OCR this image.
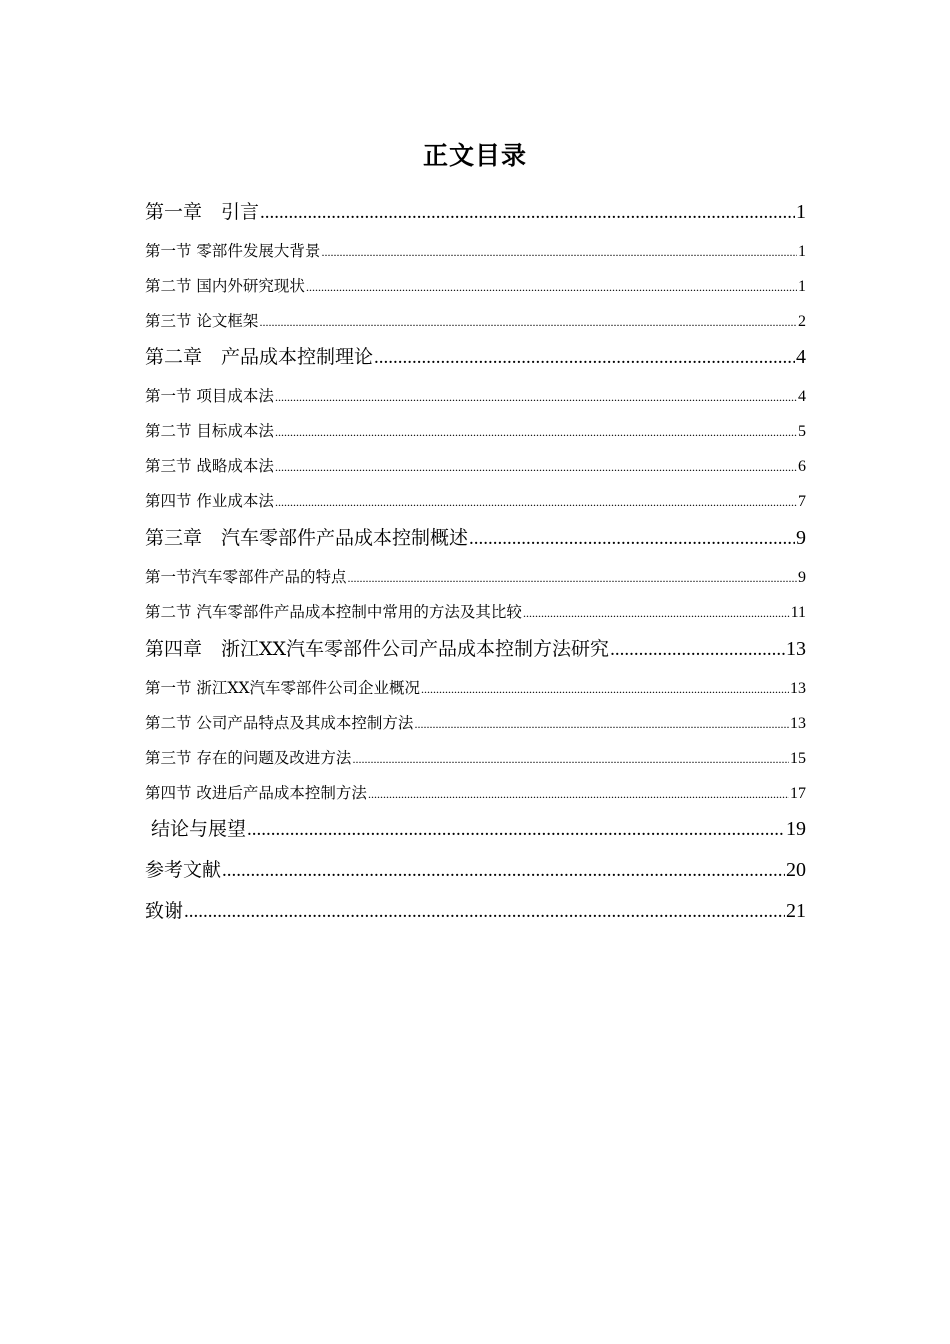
正文目录
第一章　引言 .....	1
第一节 零部件发展大背景 .....	1
第二节 国内外研究现状 .....	1
第三节 论文框架 .....	2
第二章　产品成本控制理论 .....	4
第一节 项目成本法 .....	4
第二节 目标成本法 .....	5
第三节 战略成本法 .....	6
第四节 作业成本法 .....	7
第三章　汽车零部件产品成本控制概述 .....	9
第一节汽车零部件产品的特点 .....	9
第二节 汽车零部件产品成本控制中常用的方法及其比较 .....	11
第四章　浙江XX汽车零部件公司产品成本控制方法研究 .....	13
第一节 浙江XX汽车零部件公司企业概况 .....	13
第二节 公司产品特点及其成本控制方法 .....	13
第三节 存在的问题及改进方法 .....	15
第四节 改进后产品成本控制方法 .....	17
结论与展望 .....	19
参考文献 .....	20
致谢 .....	21
